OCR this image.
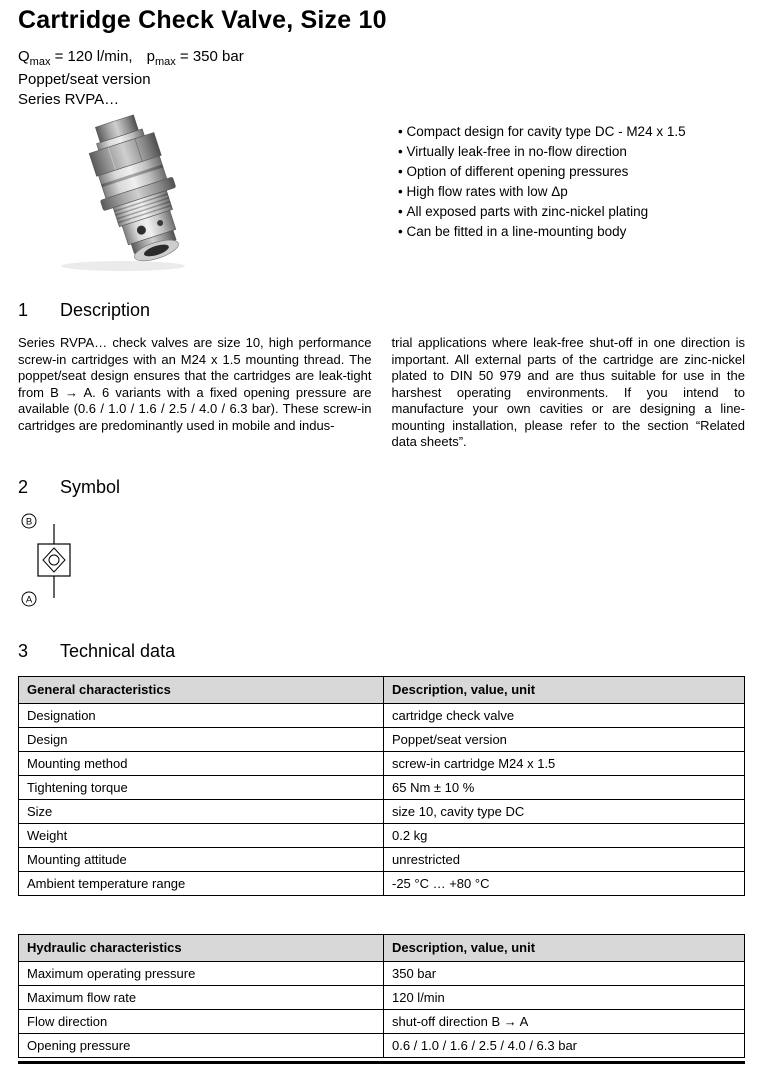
Cartridge Check Valve, Size 10
$Q_{max} = 120$ l/min, $p_{max} = 350$ bar
Poppet/seat version
Series RVPA…
• Compact design for cavity type DC - M24 x 1.5
• Virtually leak-free in no-flow direction
• Option of different opening pressures
• High flow rates with low Δp
• All exposed parts with zinc-nickel plating
• Can be fitted in a line-mounting body
1	Description
Series RVPA… check valves are size 10, high performance screw-in cartridges with an M24 x 1.5 mounting thread. The poppet/seat design ensures that the cartridges are leak-tight from B → A. 6 variants with a fixed opening pressure are available (0.6 / 1.0 / 1.6 / 2.5 / 4.0 / 6.3 bar). These screw-in cartridges are predominantly used in mobile and indus-
trial applications where leak-free shut-off in one direction is important. All external parts of the cartridge are zinc-nickel plated to DIN 50 979 and are thus suitable for use in the harshest operating environments. If you intend to manufacture your own cavities or are designing a line-mounting installation, please refer to the section “Related data sheets”.
2	Symbol
B
A
3	Technical data
General characteristics	Description, value, unit
Designation	cartridge check valve
Design	Poppet/seat version
Mounting method	screw-in cartridge M24 x 1.5
Tightening torque	65 Nm ± 10 %
Size	size 10, cavity type DC
Weight	0.2 kg
Mounting attitude	unrestricted
Ambient temperature range	-25 °C … +80 °C
Hydraulic characteristics	Description, value, unit
Maximum operating pressure	350 bar
Maximum flow rate	120 l/min
Flow direction	shut-off direction B → A
Opening pressure	0.6 / 1.0 / 1.6 / 2.5 / 4.0 / 6.3 bar
